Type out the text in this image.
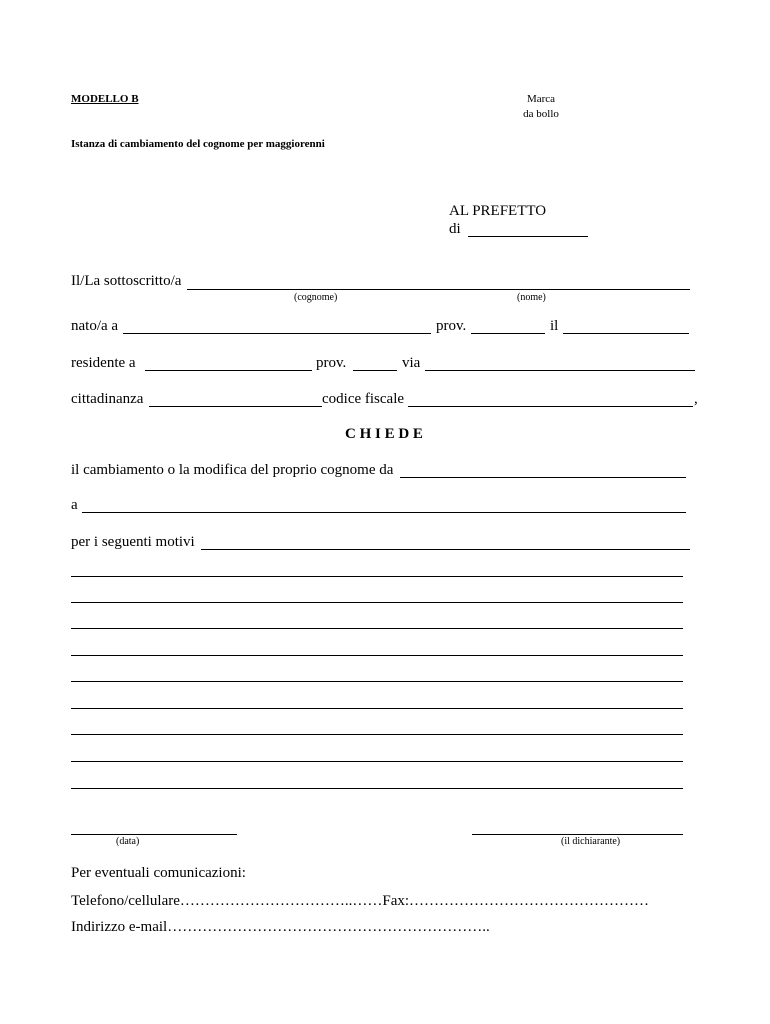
MODELLO B	Marca
da bollo
Istanza di cambiamento del cognome per maggiorenni
AL PREFETTO
di
Il/La sottoscritto/a
(cognome)	(nome)
nato/a a	prov.	il
residente a	prov.	via
cittadinanza	codice fiscale	,
C H I E D E
il cambiamento o la modifica del proprio cognome da
a
per i seguenti motivi
(data)	(il dichiarante)
Per eventuali comunicazioni:
Telefono/cellulare……………………………..……Fax:…………………………………………
Indirizzo e-mail………………………………………………………..
